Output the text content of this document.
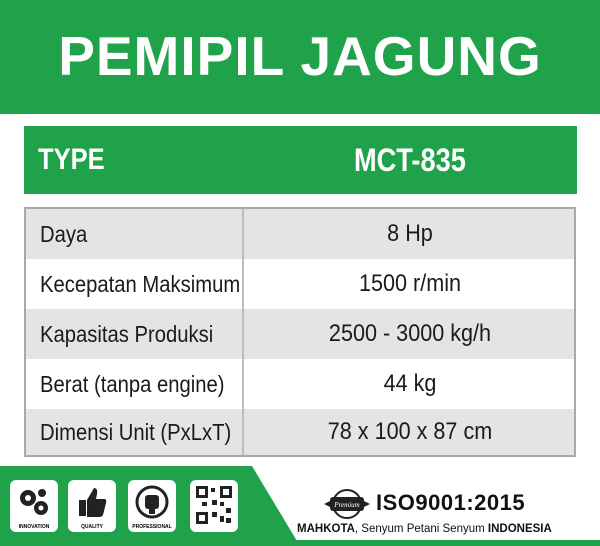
PEMIPIL JAGUNG
TYPE	MCT-835
Daya	8 Hp
Kecepatan Maksimum	1500 r/min
Kapasitas Produksi	2500 - 3000 kg/h
Berat (tanpa engine)	44 kg
Dimensi Unit (PxLxT)	78 x 100 x 87 cm
INNOVATION	QUALITY	PROFESSIONAL
Premium ISO9001:2015
MAHKOTA, Senyum Petani Senyum INDONESIA
